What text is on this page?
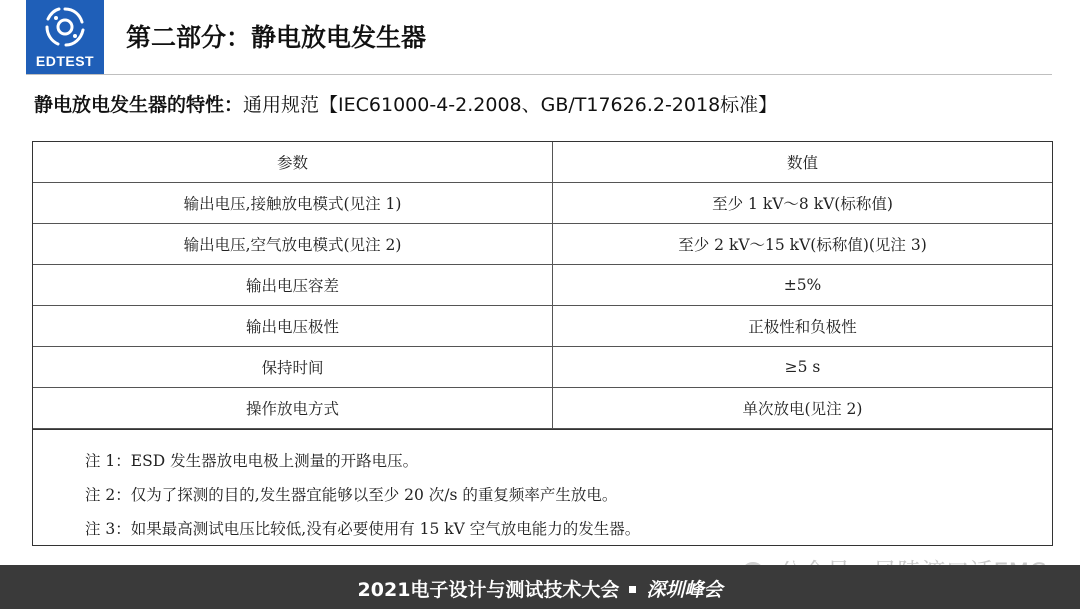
EDTEST
第二部分：静电放电发生器
静电放电发生器的特性：通用规范【IEC61000-4-2.2008、GB/T17626.2-2018标准】
参数	数值
输出电压,接触放电模式(见注 1)	至少 1 kV～8 kV(标称值)
输出电压,空气放电模式(见注 2)	至少 2 kV～15 kV(标称值)(见注 3)
输出电压容差	±5%
输出电压极性	正极性和负极性
保持时间	≥5 s
操作放电方式	单次放电(见注 2)
注 1：ESD 发生器放电电极上测量的开路电压。
注 2：仅为了探测的目的,发生器宜能够以至少 20 次/s 的重复频率产生放电。
注 3：如果最高测试电压比较低,没有必要使用有 15 kV 空气放电能力的发生器。
2021电子设计与测试技术大会 深圳峰会
